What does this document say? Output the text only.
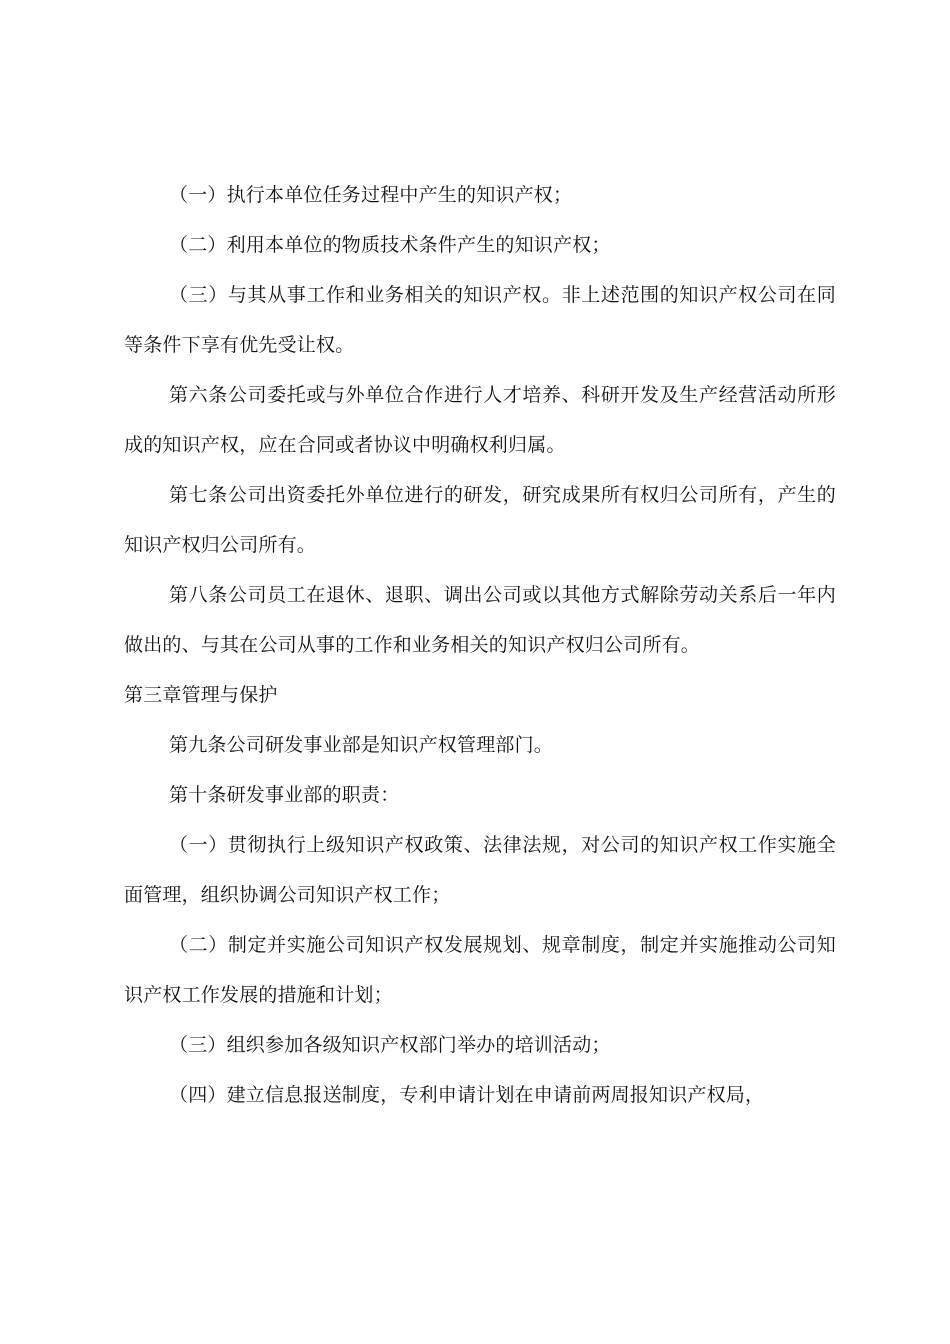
（一）执行本单位任务过程中产生的知识产权；

（二）利用本单位的物质技术条件产生的知识产权；

（三）与其从事工作和业务相关的知识产权。非上述范围的知识产权公司在同等条件下享有优先受让权。

第六条公司委托或与外单位合作进行人才培养、科研开发及生产经营活动所形成的知识产权，应在合同或者协议中明确权利归属。

第七条公司出资委托外单位进行的研发，研究成果所有权归公司所有，产生的知识产权归公司所有。

第八条公司员工在退休、退职、调出公司或以其他方式解除劳动关系后一年内做出的、与其在公司从事的工作和业务相关的知识产权归公司所有。

第三章管理与保护

第九条公司研发事业部是知识产权管理部门。

第十条研发事业部的职责：

（一）贯彻执行上级知识产权政策、法律法规，对公司的知识产权工作实施全面管理，组织协调公司知识产权工作；

（二）制定并实施公司知识产权发展规划、规章制度，制定并实施推动公司知识产权工作发展的措施和计划；

（三）组织参加各级知识产权部门举办的培训活动；

（四）建立信息报送制度，专利申请计划在申请前两周报知识产权局，
